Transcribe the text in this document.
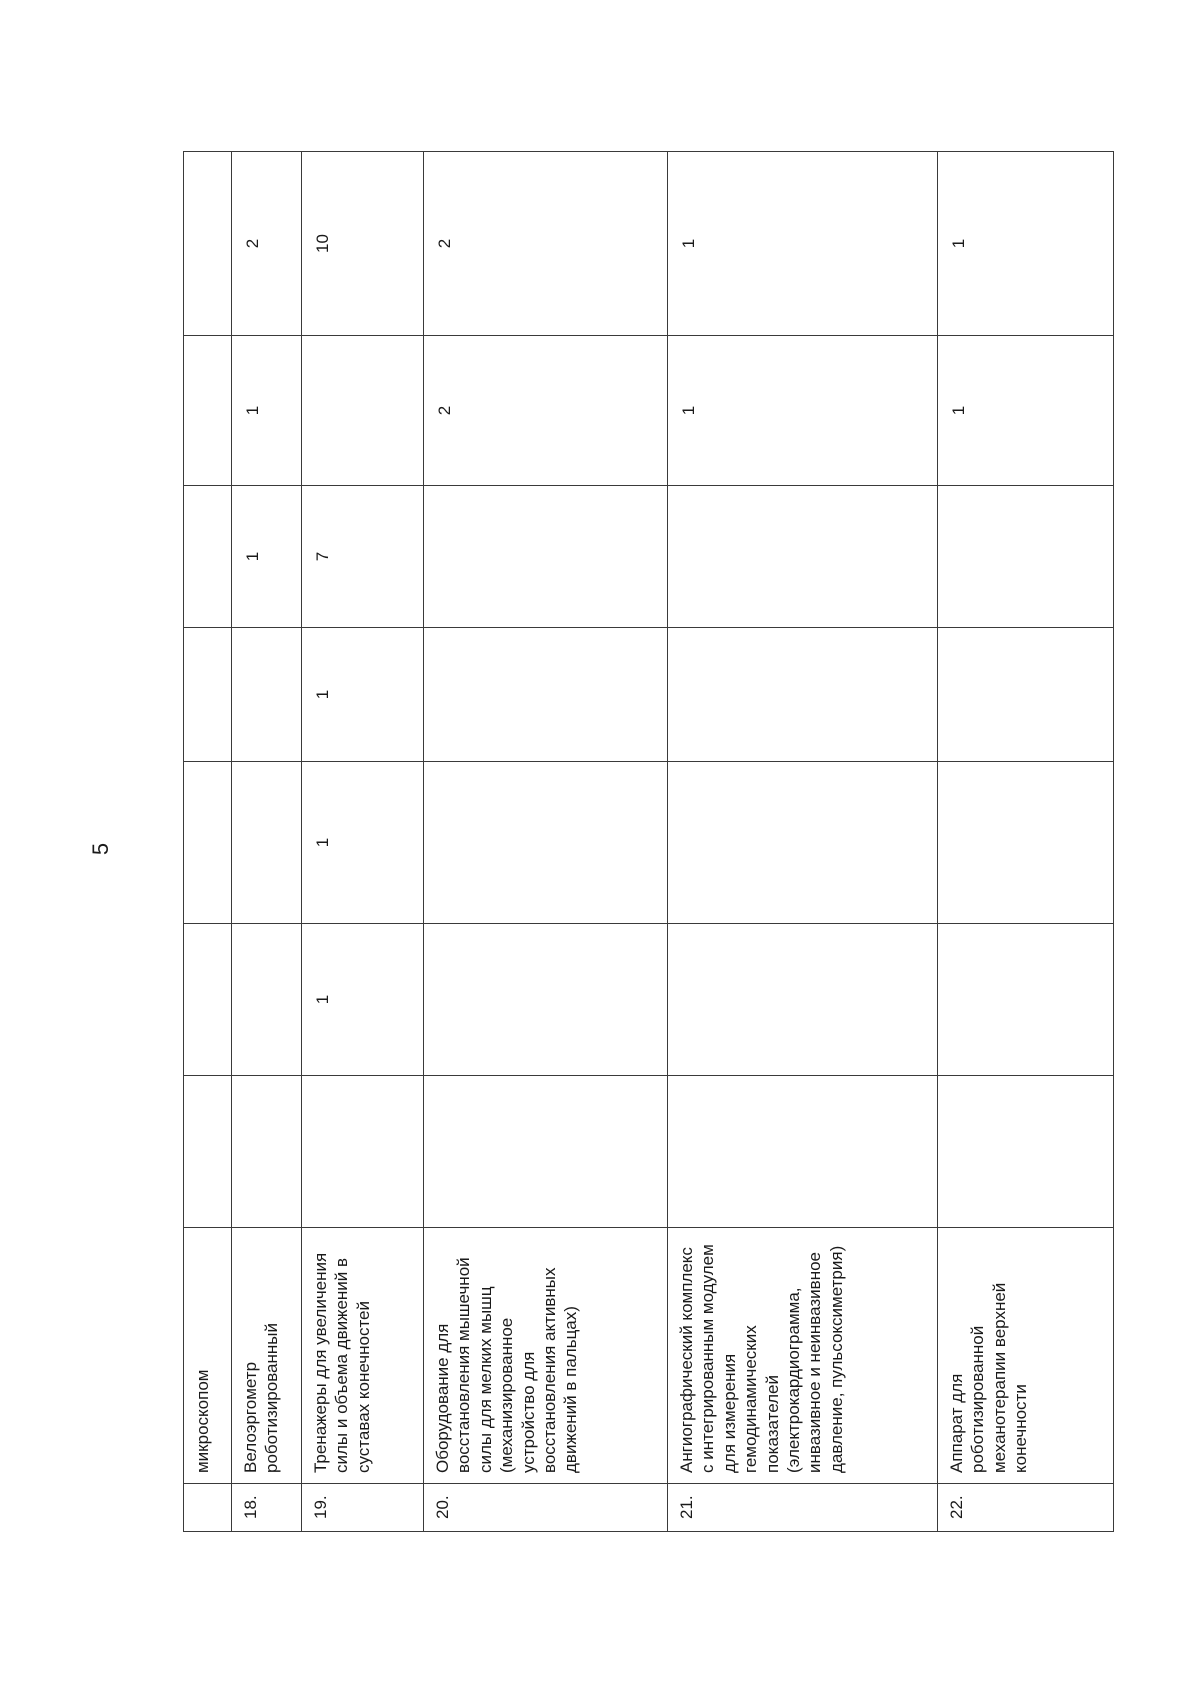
5
	микроскопом							
18.	Велоэргометр роботизированный					1	1	2
19.	Тренажеры для увеличения силы и объема движений в суставах конечностей		1	1	1	7		10
20.	Оборудование для восстановления мышечной силы для мелких мышц (механизированное устройство для восстановления активных движений в пальцах)						2	2
21.	Ангиографический комплекс с интегрированным модулем для измерения гемодинамических показателей (электрокардиограмма, инвазивное и неинвазивное давление, пульсоксиметрия)						1	1
22.	Аппарат для роботизированной механотерапии верхней конечности						1	1
